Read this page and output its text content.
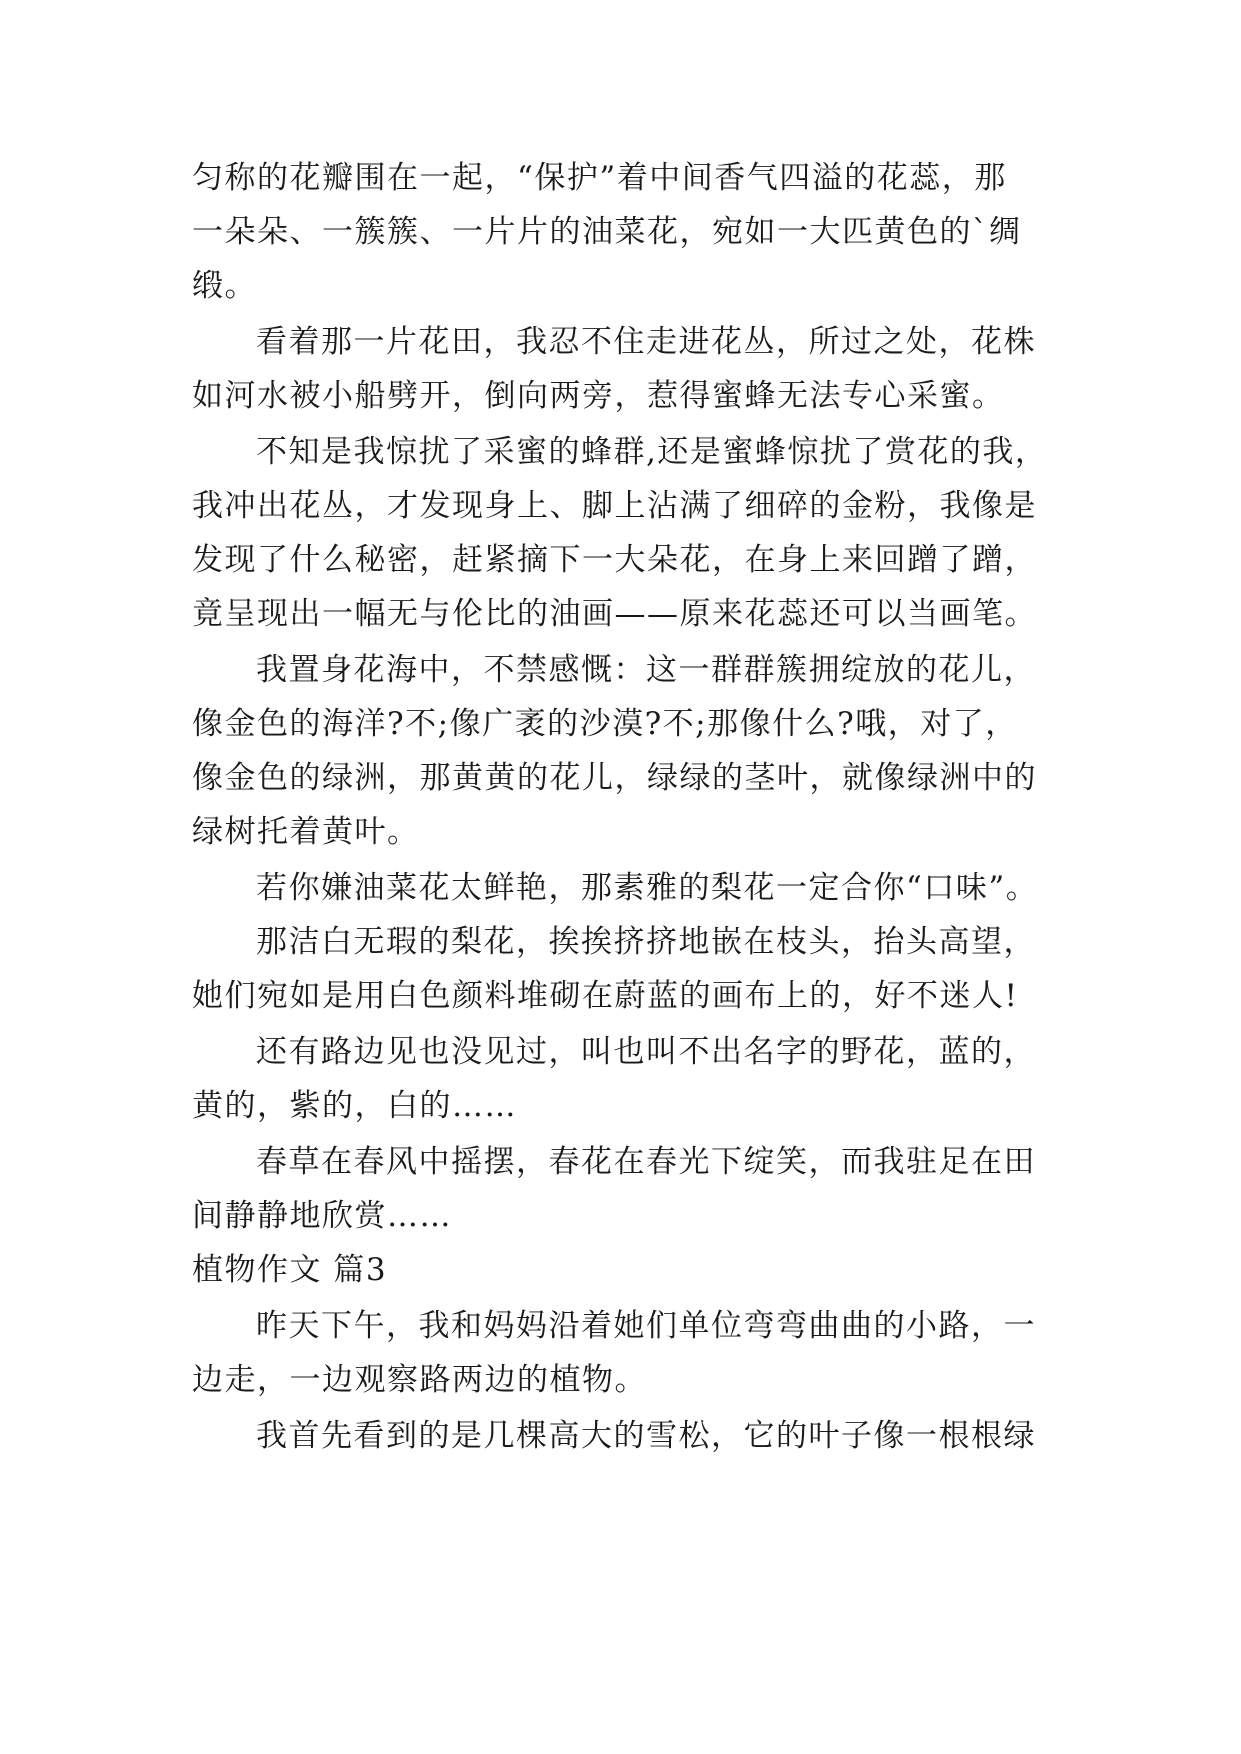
匀称的花瓣围在一起，“保护”着中间香气四溢的花蕊，那
一朵朵、一簇簇、一片片的油菜花，宛如一大匹黄色的`绸
缎。
看着那一片花田，我忍不住走进花丛，所过之处，花株
如河水被小船劈开，倒向两旁，惹得蜜蜂无法专心采蜜。
不知是我惊扰了采蜜的蜂群,还是蜜蜂惊扰了赏花的我，
我冲出花丛，才发现身上、脚上沾满了细碎的金粉，我像是
发现了什么秘密，赶紧摘下一大朵花，在身上来回蹭了蹭，
竟呈现出一幅无与伦比的油画——原来花蕊还可以当画笔。
我置身花海中，不禁感慨：这一群群簇拥绽放的花儿，
像金色的海洋?不;像广袤的沙漠?不;那像什么?哦，对了，
像金色的绿洲，那黄黄的花儿，绿绿的茎叶，就像绿洲中的
绿树托着黄叶。
若你嫌油菜花太鲜艳，那素雅的梨花一定合你“口味”。
那洁白无瑕的梨花，挨挨挤挤地嵌在枝头，抬头高望，
她们宛如是用白色颜料堆砌在蔚蓝的画布上的，好不迷人!
还有路边见也没见过，叫也叫不出名字的野花，蓝的，
黄的，紫的，白的……
春草在春风中摇摆，春花在春光下绽笑，而我驻足在田
间静静地欣赏……
植物作文 篇3
昨天下午，我和妈妈沿着她们单位弯弯曲曲的小路，一
边走，一边观察路两边的植物。
我首先看到的是几棵高大的雪松，它的叶子像一根根绿
